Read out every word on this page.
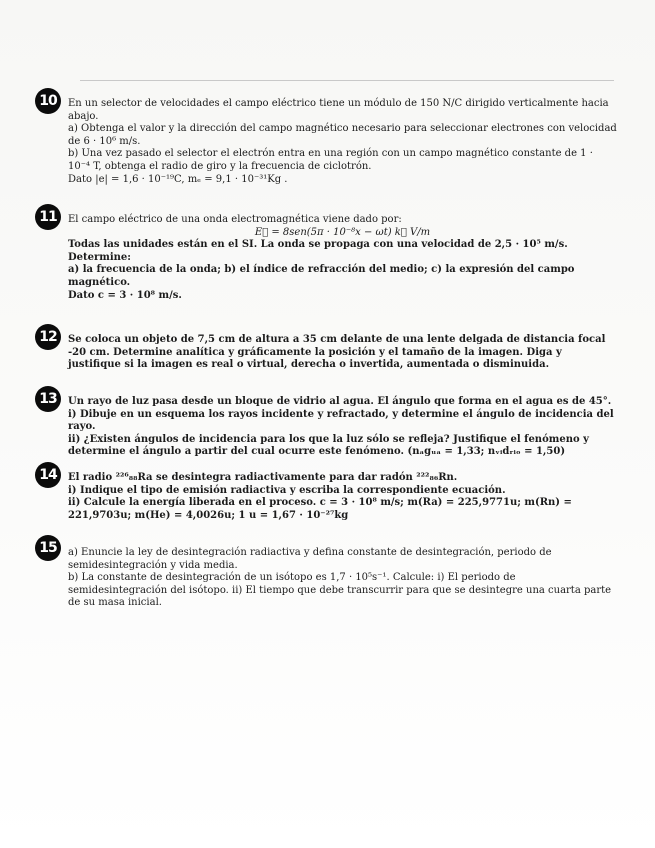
10	En un selector de velocidades el campo eléctrico tiene un módulo de 150 N/C dirigido verticalmente hacia abajo.

a) Obtenga el valor y la dirección del campo magnético necesario para seleccionar electrones con velocidad de 6 · 10⁶ m/s.

b) Una vez pasado el selector el electrón entra en una región con un campo magnético constante de 1 · 10⁻⁴ T, obtenga el radio de giro y la frecuencia de ciclotrón.

Dato |e| = 1,6 · 10⁻¹⁹C, mₑ = 9,1 · 10⁻³¹Kg .

11	El campo eléctrico de una onda electromagnética viene dado por:

E⃗ = 8sen(5π · 10⁻⁸x − ωt) k⃗ V/m

Todas las unidades están en el SI. La onda se propaga con una velocidad de 2,5 · 10⁵ m/s. Determine:

a) la frecuencia de la onda; b) el índice de refracción del medio; c) la expresión del campo magnético.

Dato c = 3 · 10⁸ m/s.

12	Se coloca un objeto de 7,5 cm de altura a 35 cm delante de una lente delgada de distancia focal -20 cm. Determine analítica y gráficamente la posición y el tamaño de la imagen. Diga y justifique si la imagen es real o virtual, derecha o invertida, aumentada o disminuida.

13	Un rayo de luz pasa desde un bloque de vidrio al agua. El ángulo que forma en el agua es de 45°.

i) Dibuje en un esquema los rayos incidente y refractado, y determine el ángulo de incidencia del rayo.

ii) ¿Existen ángulos de incidencia para los que la luz sólo se refleja? Justifique el fenómeno y determine el ángulo a partir del cual ocurre este fenómeno. (nₐgᵤₐ = 1,33; nᵥᵢdᵣᵢₒ = 1,50)

14	El radio ²²⁶₈₈Ra se desintegra radiactivamente para dar radón ²²²₈₆Rn.

i) Indique el tipo de emisión radiactiva y escriba la correspondiente ecuación.

ii) Calcule la energía liberada en el proceso. c = 3 · 10⁸ m/s; m(Ra) = 225,9771u; m(Rn) = 221,9703u; m(He) = 4,0026u; 1 u = 1,67 · 10⁻²⁷kg

15	a) Enuncie la ley de desintegración radiactiva y defina constante de desintegración, periodo de semidesintegración y vida media.

b) La constante de desintegración de un isótopo es 1,7 · 10⁵s⁻¹. Calcule: i) El periodo de semidesintegración del isótopo. ii) El tiempo que debe transcurrir para que se desintegre una cuarta parte de su masa inicial.
